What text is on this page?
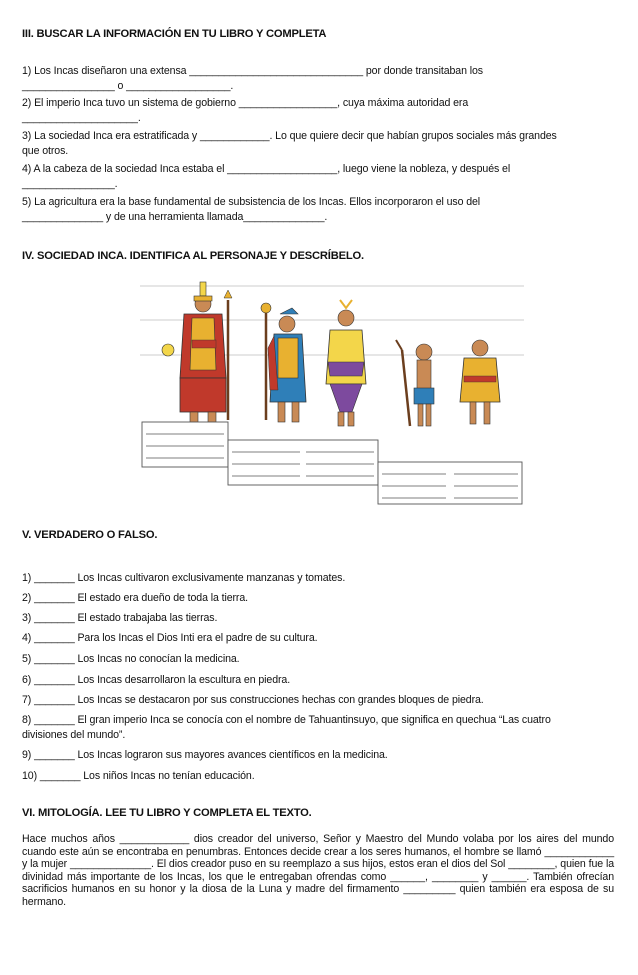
III. BUSCAR LA INFORMACIÓN EN TU LIBRO Y COMPLETA
1) Los Incas diseñaron una extensa ______________________________ por donde transitaban los
________________ o __________________.
2) El imperio Inca tuvo un sistema de gobierno _________________, cuya máxima autoridad era
____________________.
3) La sociedad Inca era estratificada y ____________. Lo que quiere decir que habían grupos sociales más grandes
que otros.
4) A la cabeza de la sociedad Inca estaba el ___________________, luego viene la nobleza, y después el
________________.
5) La agricultura era la base fundamental de subsistencia de los Incas. Ellos incorporaron el uso del
______________ y de una herramienta llamada______________.
IV. SOCIEDAD INCA. IDENTIFICA AL PERSONAJE Y DESCRÍBELO.
V. VERDADERO O FALSO.
1) _______ Los Incas cultivaron exclusivamente manzanas y tomates.
2) _______ El estado era dueño de toda la tierra.
3) _______ El estado trabajaba las tierras.
4) _______ Para los Incas el Dios Inti era el padre de su cultura.
5) _______ Los Incas no conocían la medicina.
6) _______ Los Incas desarrollaron la escultura en piedra.
7) _______ Los Incas se destacaron por sus construcciones hechas con grandes bloques de piedra.
8) _______ El gran imperio Inca se conocía con el nombre de Tahuantinsuyo, que significa en quechua “Las cuatro
divisiones del mundo”.
9) _______ Los Incas lograron sus mayores avances científicos en la medicina.
10) _______ Los niños Incas no tenían educación.
VI. MITOLOGÍA. LEE TU LIBRO Y COMPLETA EL TEXTO.

Hace muchos años ____________ dios creador del universo, Señor y Maestro del Mundo volaba por los aires del mundo cuando este aún se encontraba en penumbras. Entonces decide crear a los seres humanos, el hombre se llamó ____________ y la mujer ______________. El dios creador puso en su reemplazo a sus hijos, estos eran el dios del Sol ________, quien fue la divinidad más importante de los Incas, los que le entregaban ofrendas como ______, ________ y ______. También ofrecían sacrificios humanos en su honor y la diosa de la Luna y madre del firmamento _________ quien también era esposa de su hermano.
